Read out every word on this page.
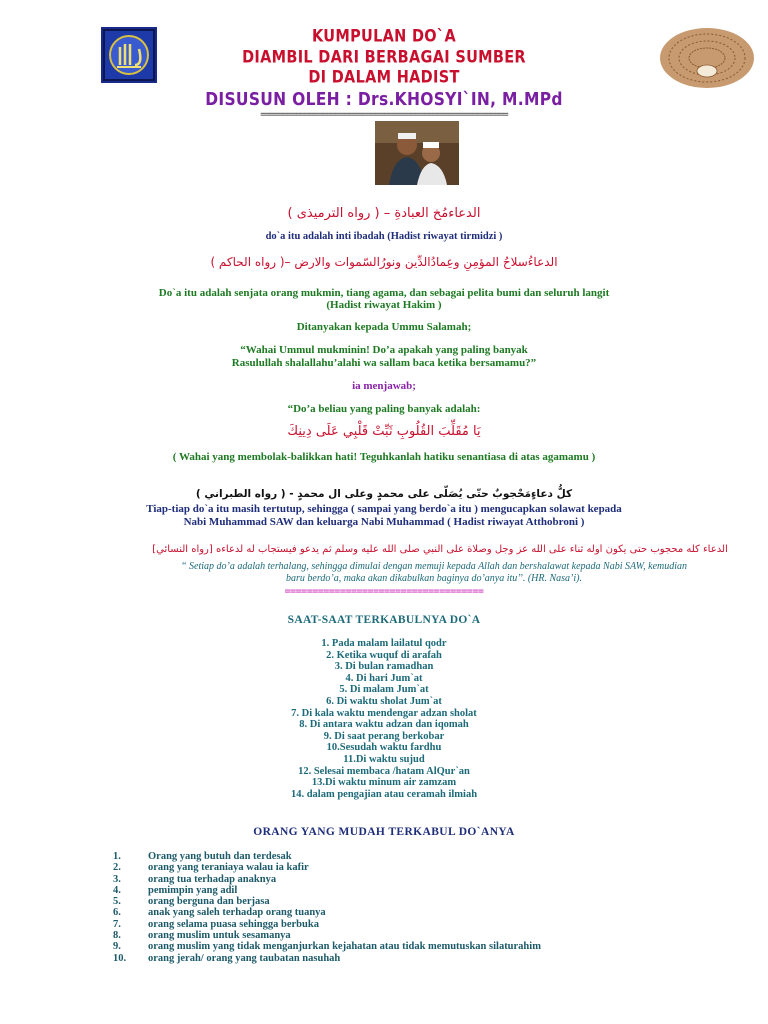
KUMPULAN DO`A
DIAMBIL DARI BERBAGAI SUMBER
DI DALAM HADIST
DISUSUN OLEH : Drs.KHOSYI`IN, M.MPd
========================================================
الدعاءمُخ العبادةِ – ( رواه الترميذى )
do`a itu adalah inti ibadah (Hadist riwayat tirmidzi )
الدعاءُسلاحُ المؤمِنِ وعِمادُالدِّين ونورُالسّموات والارض –( رواه الحاكم )
Do`a itu adalah senjata orang mukmin, tiang agama, dan sebagai pelita bumi dan seluruh langit
(Hadist riwayat Hakim )
Ditanyakan kepada Ummu Salamah;
“Wahai Ummul mukminin! Do’a apakah yang paling banyak
Rasulullah shalallahu’alahi wa sallam baca ketika bersamamu?”
ia menjawab;
“Do’a beliau yang paling banyak adalah:
يَا مُقَلِّبَ القُلُوبِ ثَبِّتْ قَلْبِي عَلَى دِينِكَ
( Wahai yang membolak-balikkan hati! Teguhkanlah hatiku senantiasa di atas agamamu )
كلُّ دعاءٍمَحْجوبٌ حتّى يُصَلّى على محمدٍ وعلى ال محمدٍ - ( رواه الطبراني )
Tiap-tiap do`a itu masih tertutup, sehingga ( sampai yang berdo`a itu ) mengucapkan solawat kepada
Nabi Muhammad SAW dan keluarga Nabi Muhammad ( Hadist riwayat Atthobroni )
الدعاء كله محجوب حتى يكون أوله ثناء على الله عز وجل وصلاة على النبي صلى الله عليه وسلم ثم يدعو فيستجاب له لدعاءه [رواه النسائي]
“ Setiap do’a adalah terhalang, sehingga dimulai dengan memuji kepada Allah dan bershalawat kepada Nabi SAW, kemudian
baru berdo’a, maka akan dikabulkan baginya do’anya itu’’. (HR. Nasa’i).
====================================
SAAT-SAAT TERKABULNYA DO`A
1. Pada malam lailatul qodr
2. Ketika wuquf di arafah
3. Di bulan ramadhan
4. Di hari Jum`at
5. Di malam Jum`at
6. Di waktu sholat Jum`at
7. Di kala waktu mendengar adzan sholat
8. Di antara waktu adzan dan iqomah
9. Di saat perang berkobar
10.Sesudah waktu fardhu
11.Di waktu sujud
12. Selesai membaca /hatam AlQur`an
13.Di waktu minum air zamzam
14. dalam pengajian atau ceramah ilmiah
ORANG YANG MUDAH TERKABUL DO`ANYA
1.	Orang yang butuh dan terdesak
2.	orang yang teraniaya walau ia kafir
3.	orang tua terhadap anaknya
4.	pemimpin yang adil
5.	orang berguna dan berjasa
6.	anak yang saleh terhadap orang tuanya
7.	orang selama puasa sehingga berbuka
8.	orang muslim untuk sesamanya
9.	orang muslim yang tidak menganjurkan kejahatan atau tidak memutuskan silaturahim
10. orang jerah/ orang yang taubatan nasuhah
